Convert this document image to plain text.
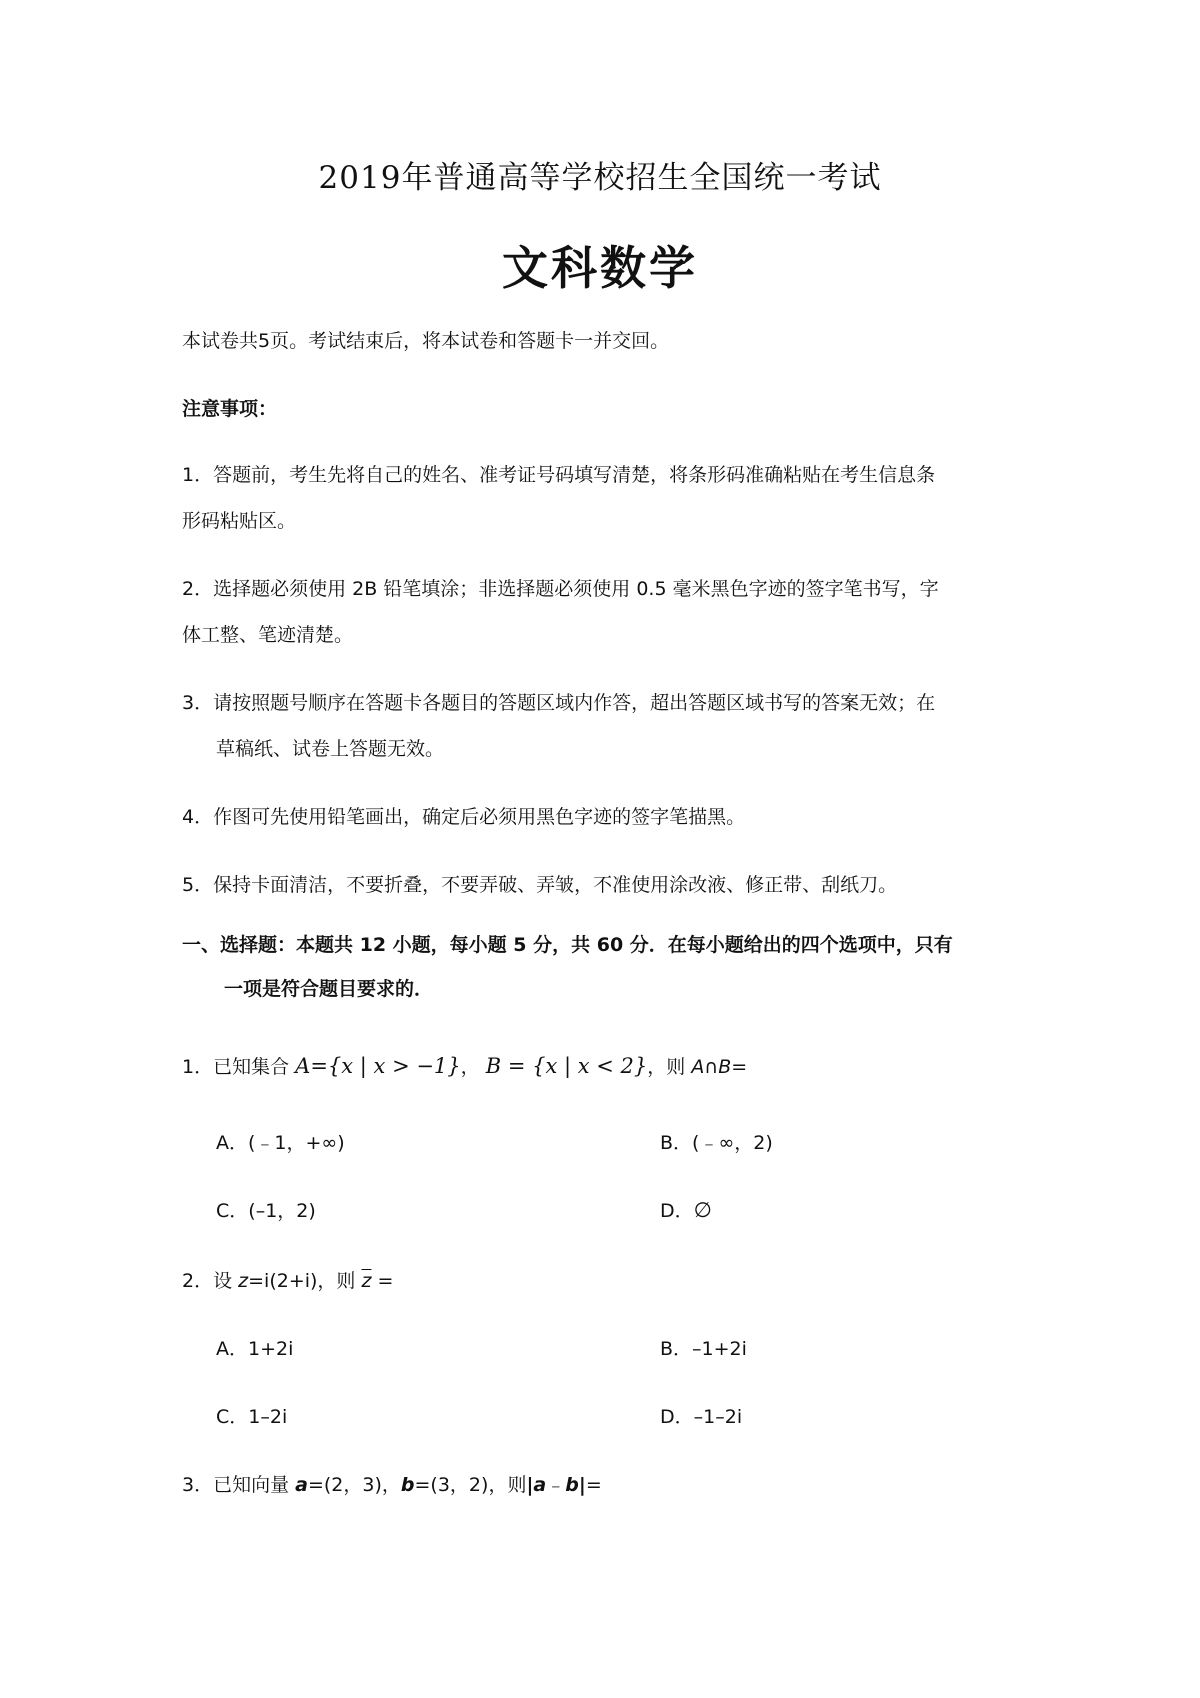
2019年普通高等学校招生全国统一考试
文科数学
本试卷共5页。考试结束后，将本试卷和答题卡一并交回。
注意事项：
1．答题前，考生先将自己的姓名、准考证号码填写清楚，将条形码准确粘贴在考生信息条
形码粘贴区。
2．选择题必须使用 2B 铅笔填涂；非选择题必须使用 0.5 毫米黑色字迹的签字笔书写，字
体工整、笔迹清楚。
3．请按照题号顺序在答题卡各题目的答题区域内作答，超出答题区域书写的答案无效；在
草稿纸、试卷上答题无效。
4．作图可先使用铅笔画出，确定后必须用黑色字迹的签字笔描黑。
5．保持卡面清洁，不要折叠，不要弄破、弄皱，不准使用涂改液、修正带、刮纸刀。
一、选择题：本题共 12 小题，每小题 5 分，共 60 分．在每小题给出的四个选项中，只有
一项是符合题目要求的．
1．已知集合 A={x | x > −1}， B = {x | x < 2}，则 A∩B=
A．(﹣1，+∞)	B．(﹣∞，2)
C．(–1，2)	D．∅
2．设 z=i(2+i)，则 $\overline{z}$ =
A．1+2i	B．–1+2i
C．1–2i	D．–1–2i
3．已知向量 a=(2，3)，b=(3，2)，则|a﹣b|=
